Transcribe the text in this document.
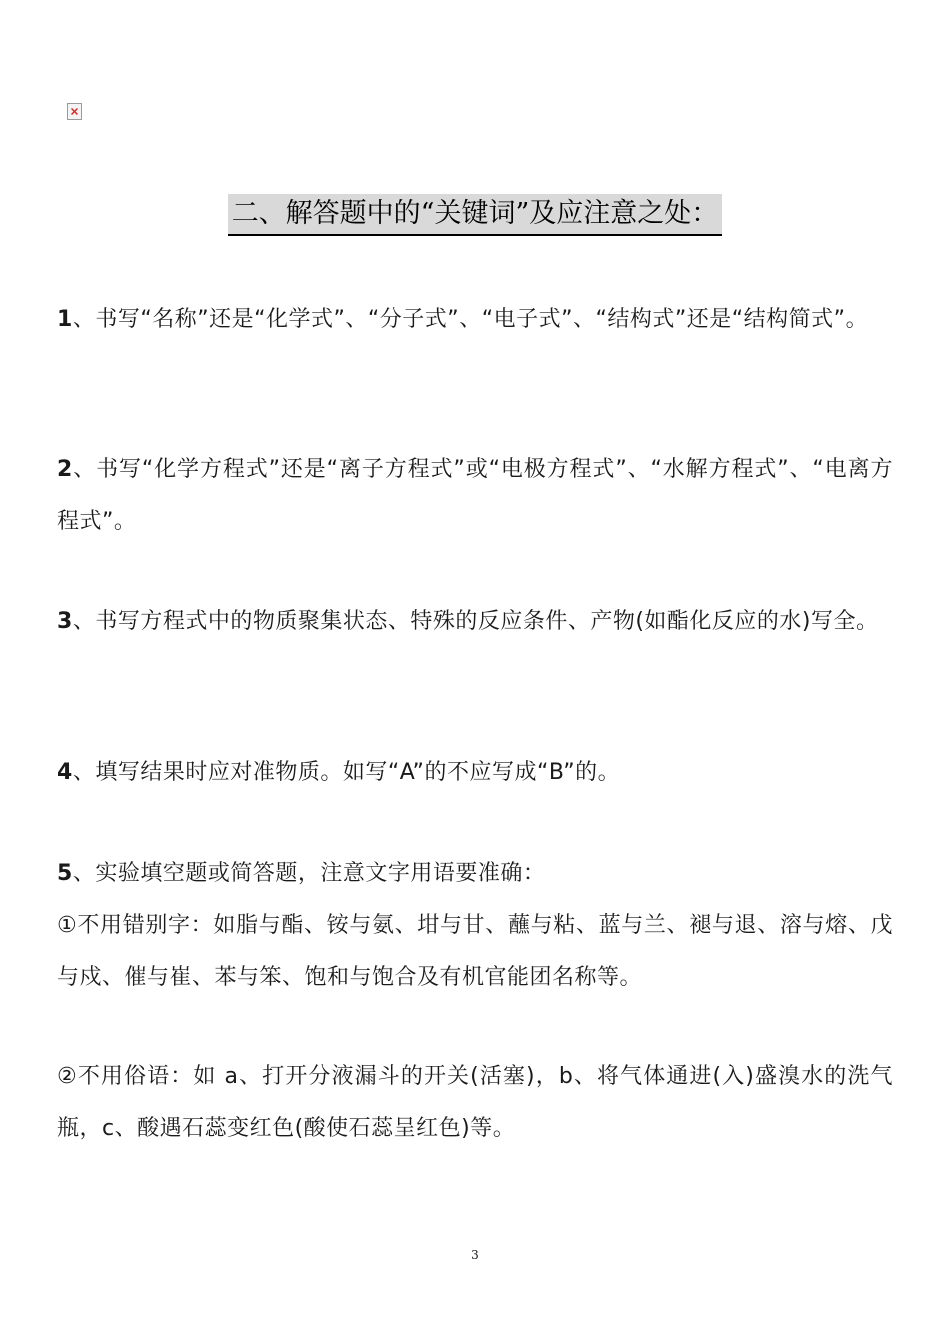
二、解答题中的“关键词”及应注意之处：
1、书写“名称”还是“化学式”、“分子式”、“电子式”、“结构式”还是“结构简式”。
2、书写“化学方程式”还是“离子方程式”或“电极方程式”、“水解方程式”、“电离方程式”。
3、书写方程式中的物质聚集状态、特殊的反应条件、产物(如酯化反应的水)写全。
4、填写结果时应对准物质。如写“A”的不应写成“B”的。
5、实验填空题或简答题，注意文字用语要准确：
①不用错别字：如脂与酯、铵与氨、坩与甘、蘸与粘、蓝与兰、褪与退、溶与熔、戊与戍、催与崔、苯与笨、饱和与饱合及有机官能团名称等。
②不用俗语：如 a、打开分液漏斗的开关(活塞)，b、将气体通进(入)盛溴水的洗气瓶，c、酸遇石蕊变红色(酸使石蕊呈红色)等。
3
